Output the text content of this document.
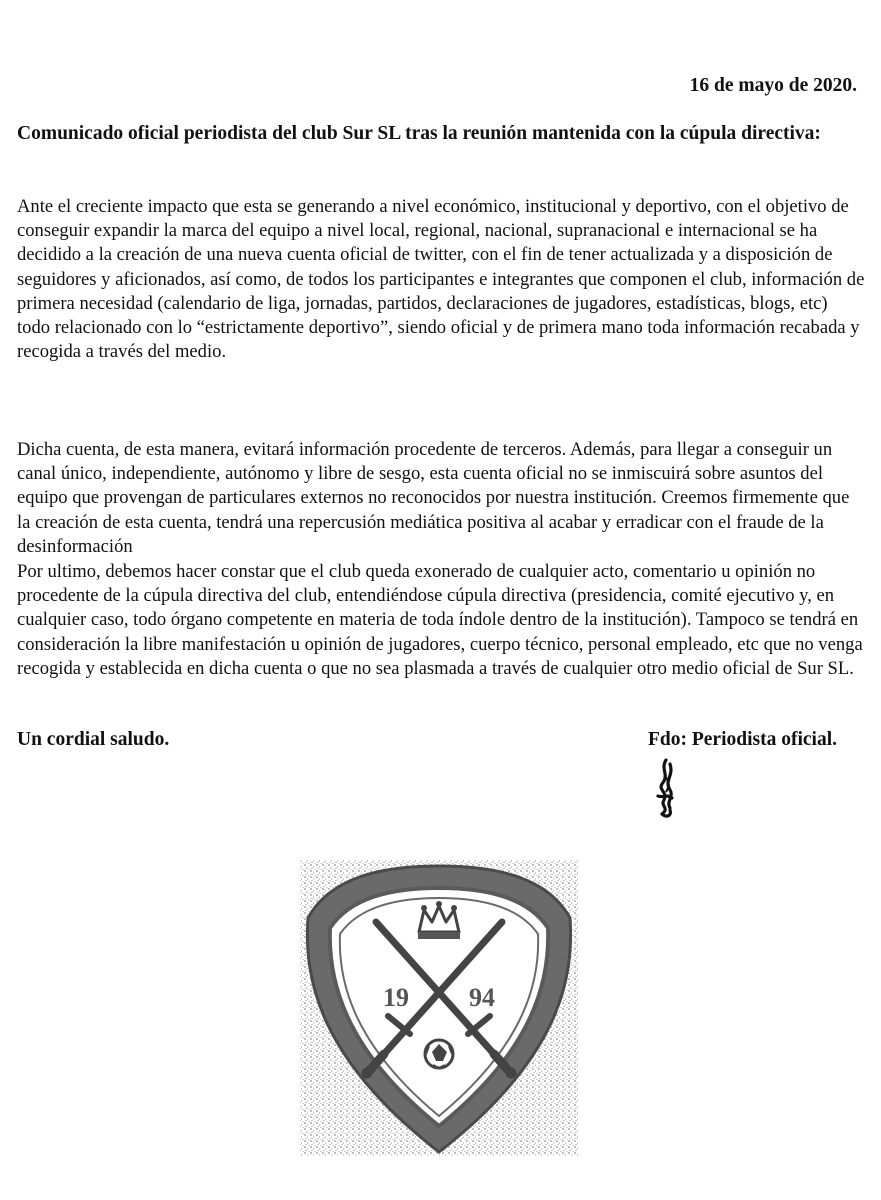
16 de mayo de 2020.
Comunicado oficial periodista del club Sur SL tras la reunión mantenida con la cúpula directiva:

Ante el creciente impacto que esta se generando a nivel económico, institucional y deportivo, con el objetivo de conseguir expandir la marca del equipo a nivel local, regional, nacional, supranacional e internacional se ha decidido a la creación de una nueva cuenta oficial de twitter, con el fin de tener actualizada y a disposición de seguidores y aficionados, así como, de todos los participantes e integrantes que componen el club, información de primera necesidad (calendario de liga, jornadas, partidos, declaraciones de jugadores, estadísticas, blogs, etc) todo relacionado con lo “estrictamente deportivo”, siendo oficial y de primera mano toda información recabada y recogida a través del medio.

Dicha cuenta, de esta manera, evitará información procedente de terceros. Además, para llegar a conseguir un canal único, independiente, autónomo y libre de sesgo, esta cuenta oficial no se inmiscuirá sobre asuntos del equipo que provengan de particulares externos no reconocidos por nuestra institución. Creemos firmemente que la creación de esta cuenta, tendrá una repercusión mediática positiva al acabar y erradicar con el fraude de la desinformación

Por ultimo, debemos hacer constar que el club queda exonerado de cualquier acto, comentario u opinión no procedente de la cúpula directiva del club, entendiéndose cúpula directiva (presidencia, comité ejecutivo y, en cualquier caso, todo órgano competente en materia de toda índole dentro de la institución). Tampoco se tendrá en consideración la libre manifestación u opinión de jugadores, cuerpo técnico, personal empleado, etc que no venga recogida y establecida en dicha cuenta o que no sea plasmada a través de cualquier otro medio oficial de Sur SL.

Un cordial saludo.	Fdo: Periodista oficial.
19 94
